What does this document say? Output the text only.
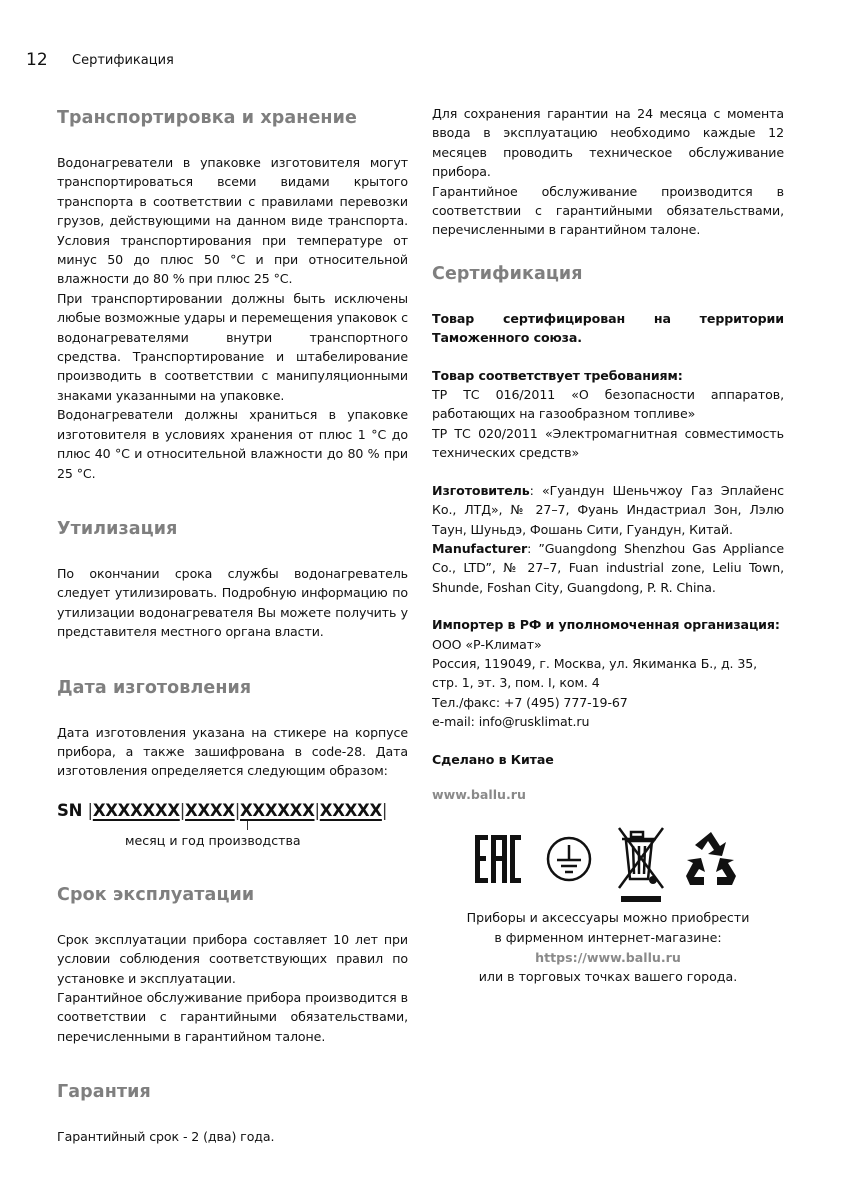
12 Сертификация
Транспортировка и хранение

Водонагреватели в упаковке изготовителя могут транспортироваться всеми видами крытого транспорта в соответствии с правилами перевозки грузов, действующими на данном виде транспорта. Условия транспортирования при температуре от минус 50 до плюс 50 °С и при относительной влажности до 80 % при плюс 25 °С.

При транспортировании должны быть исключены любые возможные удары и перемещения упаковок с водонагревателями внутри транспортного средства. Транспортирование и штабелирование производить в соответствии с манипуляционными знаками указанными на упаковке.

Водонагреватели должны храниться в упаковке изготовителя в условиях хранения от плюс 1 °С до плюс 40 °С и относительной влажности до 80 % при 25 °С.

Утилизация

По окончании срока службы водонагреватель следует утилизировать. Подробную информацию по утилизации водонагревателя Вы можете получить у представителя местного органа власти.

Дата изготовления

Дата изготовления указана на стикере на корпусе прибора, а также зашифрована в code-28. Дата изготовления определяется следующим образом:

SN |XXXXXXX|XXXX|XXXXXX|XXXXX|
месяц и год производства
Срок эксплуатации

Срок эксплуатации прибора составляет 10 лет при условии соблюдения соответствующих правил по установке и эксплуатации.

Гарантийное обслуживание прибора производится в соответствии с гарантийными обязательствами, перечисленными в гарантийном талоне.

Гарантия

Гарантийный срок - 2 (два) года.

Для сохранения гарантии на 24 месяца с момента ввода в эксплуатацию необходимо каждые 12 месяцев проводить техническое обслуживание прибора.

Гарантийное обслуживание производится в соответствии с гарантийными обязательствами, перечисленными в гарантийном талоне.

Сертификация

Товар сертифицирован на территории Таможенного союза.

Товар соответствует требованиям:

ТР ТС 016/2011 «О безопасности аппаратов, работающих на газообразном топливе»

ТР ТС 020/2011 «Электромагнитная совместимость технических средств»

Изготовитель: «Гуандун Шеньчжоу Газ Эплайенс Ко., ЛТД», № 27–7, Фуань Индастриал Зон, Лэлю Таун, Шуньдэ, Фошань Сити, Гуандун, Китай.

Manufacturer: ”Guangdong Shenzhou Gas Appliance Co., LTD”, № 27–7, Fuan industrial zone, Leliu Town, Shunde, Foshan City, Guangdong, P. R. China.

Импортер в РФ и уполномоченная организация:

ООО «Р-Климат»

Россия, 119049, г. Москва, ул. Якиманка Б., д. 35,

стр. 1, эт. 3, пом. I, ком. 4

Тел./факс: +7 (495) 777-19-67

e-mail: info@rusklimat.ru

Сделано в Китае

www.ballu.ru
Приборы и аксессуары можно приобрести
в фирменном интернет-магазине:
https://www.ballu.ru
или в торговых точках вашего города.
